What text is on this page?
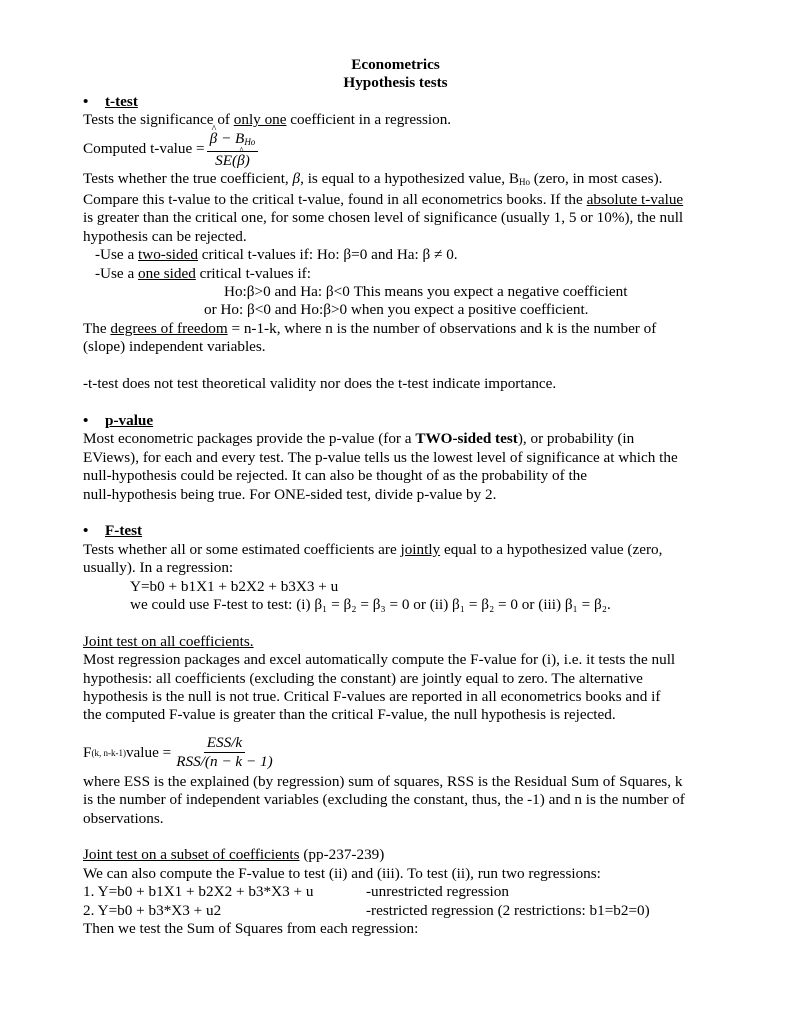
Econometrics
Hypothesis tests
•	t-test
Tests the significance of only one coefficient in a regression.
Computed t-value = ^ $\frac{\beta - B_{Ho}}{SE(\^{} \beta)}$
Tests whether the true coefficient, β, is equal to a hypothesized value, $B_{Ho}$ (zero, in most cases).
Compare this t-value to the critical t-value, found in all econometrics books. If the absolute t-value
is greater than the critical one, for some chosen level of significance (usually 1, 5 or 10%), the null
hypothesis can be rejected.
-Use a two-sided critical t-values if: Ho: β=0 and Ha: β ≠ 0.
-Use a one sided critical t-values if:
Ho:β>0 and Ha: β<0 This means you expect a negative coefficient
or Ho: β<0 and Ho:β>0 when you expect a positive coefficient.
The degrees of freedom = n-1-k, where n is the number of observations and k is the number of
(slope) independent variables.
-t-test does not test theoretical validity nor does the t-test indicate importance.
•	p-value
Most econometric packages provide the p-value (for a TWO-sided test), or probability (in
EViews), for each and every test. The p-value tells us the lowest level of significance at which the
null-hypothesis could be rejected. It can also be thought of as the probability of the
null-hypothesis being true. For ONE-sided test, divide p-value by 2.
•	F-test
Tests whether all or some estimated coefficients are jointly equal to a hypothesized value (zero,
usually). In a regression:
Y=b0 + b1X1 + b2X2 + b3X3 + u
we could use F-test to test: (i) β₁ = β₂ = β₃ = 0 or (ii) β₁ = β₂ = 0 or (iii) β₁ = β₂.
Joint test on all coefficients.
Most regression packages and excel automatically compute the F-value for (i), i.e. it tests the null
hypothesis: all coefficients (excluding the constant) are jointly equal to zero. The alternative
hypothesis is the null is not true. Critical F-values are reported in all econometrics books and if
the computed F-value is greater than the critical F-value, the null hypothesis is rejected.
F (k, n-k-1) value = $\frac{\text{ESS/k}}{\text{RSS/(n − k − 1)}}$
where ESS is the explained (by regression) sum of squares, RSS is the Residual Sum of Squares, k
is the number of independent variables (excluding the constant, thus, the -1) and n is the number of
observations.
Joint test on a subset of coefficients (pp-237-239)
We can also compute the F-value to test (ii) and (iii). To test (ii), run two regressions:
1. Y=b0 + b1X1 + b2X2 + b3*X3 + u	-unrestricted regression
2. Y=b0 + b3*X3 + u2	-restricted regression (2 restrictions: b1=b2=0)
Then we test the Sum of Squares from each regression:
